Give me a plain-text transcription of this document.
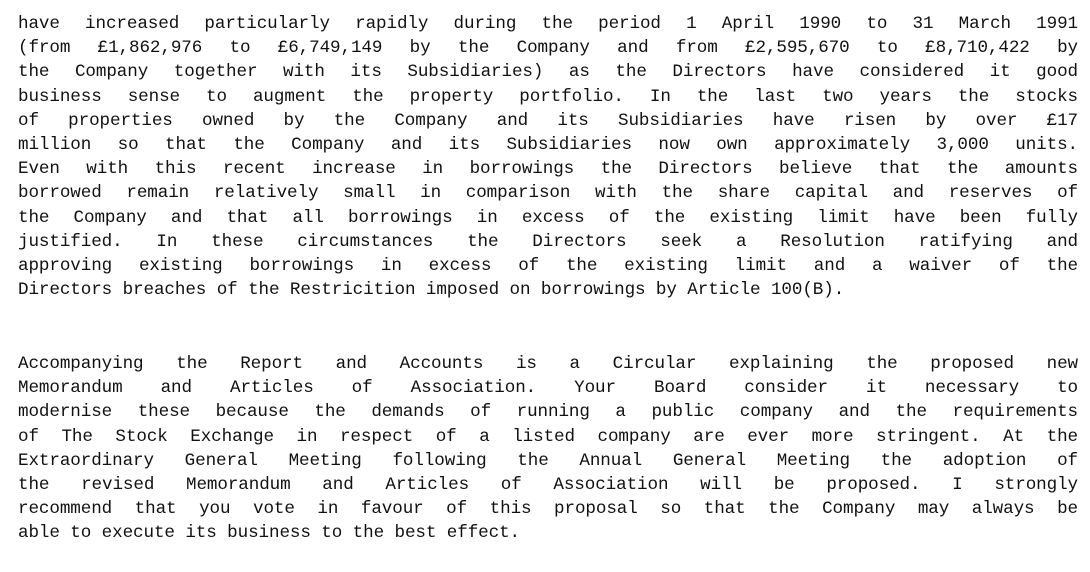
have increased particularly rapidly during the period 1 April 1990 to 31 March 1991
(from £1,862,976 to £6,749,149 by the Company and from £2,595,670 to £8,710,422 by
the Company together with its Subsidiaries) as the Directors have considered it good
business sense to augment the property portfolio. In the last two years the stocks
of properties owned by the Company and its Subsidiaries have risen by over £17
million so that the Company and its Subsidiaries now own approximately 3,000 units.
Even with this recent increase in borrowings the Directors believe that the amounts
borrowed remain relatively small in comparison with the share capital and reserves of
the Company and that all borrowings in excess of the existing limit have been fully
justified. In these circumstances the Directors seek a Resolution ratifying and
approving existing borrowings in excess of the existing limit and a waiver of the
Directors breaches of the Restricition imposed on borrowings by Article 100(B).
Accompanying the Report and Accounts is a Circular explaining the proposed new
Memorandum and Articles of Association. Your Board consider it necessary to
modernise these because the demands of running a public company and the requirements
of The Stock Exchange in respect of a listed company are ever more stringent. At the
Extraordinary General Meeting following the Annual General Meeting the adoption of
the revised Memorandum and Articles of Association will be proposed. I strongly
recommend that you vote in favour of this proposal so that the Company may always be
able to execute its business to the best effect.
